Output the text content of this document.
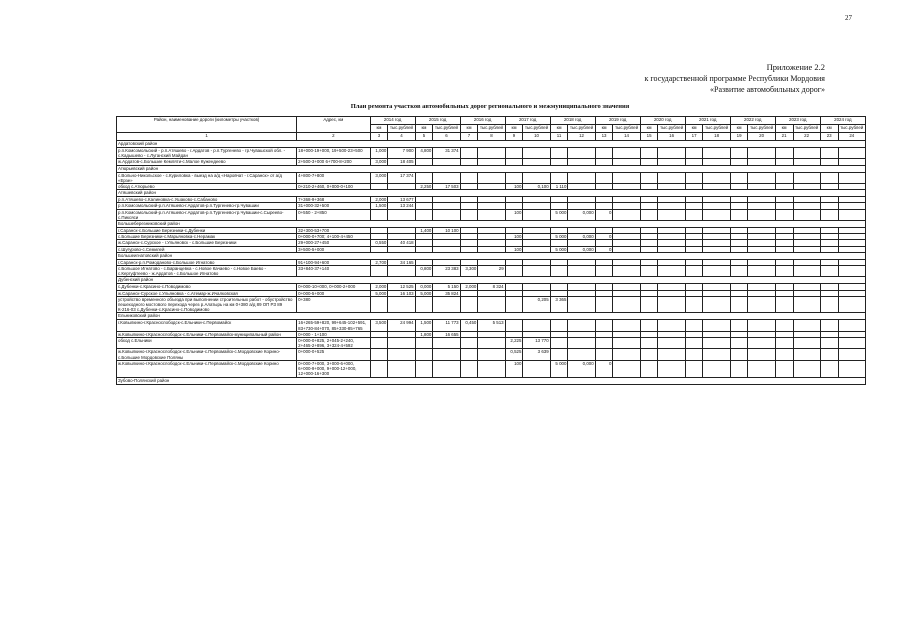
27
Приложение 2.2
к государственной программе Республики Мордовия
«Развитие автомобильных дорог»
План ремонта участков автомобильных дорог регионального и межмуниципального значения
Район, наименование дороги (километры участков)	Адрес, км	2014 год		2015 год		2016 год		2017 год		2018 год		2019 год		2020 год		2021 год		2022 год		2023 год		2024 год	
		км	тыс.рублей	км	тыс.рублей	км	тыс.рублей	км	тыс.рублей	км	тыс.рублей	км	тыс.рублей	км	тыс.рублей	км	тыс.рублей	км	тыс.рублей	км	тыс.рублей	км	тыс.рублей
1	2	3	4	5	6	7	8	9	10	11	12	13	14	15	16	17	18	19	20	21	22	23	24
Ардатовский район																							
р.п.Комсомольский - р.п.Атяшево - г.Ардатов - р.п.Тургенево - гр.Чувашской обл. - с.Кадышево - с.Луганский Майдан	18+000-19+000, 19+500-23+500	1,000	7 900	4,800	31 374																		
ж.Ардатов-с.Большие Кемляти-с.Малое Кужендеево	2+500-3+000 6+700-8+200	3,000	18 405																				
Атюрьевский район																							
с.Вольно-Никольское - с.Куриловка - выезд на а/д «Наровчат - г.Саранск» от а/д «Ерзе»	4+800-7+800	3,000	17 374																				
обход с.Атюрьево	0+210-2+460, 0+000-0+100			2,250	17 503			100	0,100	1 110													
Атяшевский район																							
р.п.Атяшево-с.Калиновка-с.Ушаково-с.Сабаново	7+368-9+368	2,000	13 677																				
р.п.Комсомольский-р.п.Атяшево-г.Ардатов-р.п.Тургенево-гр.Чувашии	31+000-32+500	1,500	13 244																				
р.п.Комсомольский-р.п.Атяшево-г.Ардатов-р.п.Тургенево-гр.Чувашии-с.Сыреево-с.Пиксяси	0+550 - 2+850							100		5 000	0,000	0											
Большеберезниковский район																							
г.Саранск-с.Большие Березники-с.Дубенки	32+300-53+700			1,400	10 100																		
с.Большие Березники-с.Марьяновка-с.Нерамак	0+000-0+700; 4+100-4+450							100		5 000	0,000	0											
ж.Саранск-с.Сурское - г.Ульяновск - с.Большие Березники	29+000-27+450	0,550	40 418																				
с.Шугурово-с.Семилей	3+500-5+000							100		5 000	0,000	0											
Большеигнатовский район																							
г.Саранск-р.п.Ромоданово-с.Большое Игнатово	91+100-94+600	2,700	34 165																				
с.Большое Игнатово - с.Баранцевка - с.Новое Качаево - с.Новое Баево - с.Кергуфтеево - ж.Ардатов - с.Большое Игнатово	33+840-37+140			0,800	23 383	3,300	29																
Дубенский район																							
с.Дубенки-с.Красино-с.Поводимово	0+000-10+000, 0+000-2+000	2,000	12 525	0,000	5 150	2,000	8 324																
ж.Саранск-Сурское с.Ульяновка - с.Атемар-ж.Ичалковская	0+000-5+000	5,000	16 103	5,000	35 824																		
устройство временного объезда при выполнении строительных работ - обустройство пешеходного мостового перехода через р.Алатырь на км 0+380 а/д 89 ОП РЗ 89 К-216-03 с.Дубенки-с.Красино-с.Поводимово	0+380								0,205	3 365													
Ельниковский район																							
г.Ковылкино-г.Краснослободск-с.Ельники-с.Первомайск	16+265-59+820, 99+645-102+591, 83+730-84+070, 85+330-85+765	3,500	24 994	1,500	11 773	0,450	5 513																
ж.Ковылкино-г.Краснослободск-с.Ельники-с.Первомайск-муниципальный район	0+000 - 1+100			1,800	16 655																		
обход с.Ельники	0+000-0+825, 2+045-2+240, 2+465-2+896, 3+324-4+592							2,225	13 770														
ж.Ковылкино-г.Краснослободск-с.Ельники-с.Первомайск-с.Мордовские Корино-с.Большие Мордовские Поляны	0+000-0+525							0,525	3 639														
ж.Ковылкино-г.Краснослободск-с.Ельники-с.Первомайск-с.Мордовские Корино	0+000-7+000, 3+000-6+000, 6+000-9+000, 9+000-12+000, 12+000-16+300							100		5 000	0,000	0											
Зубово-Полянский район																							
